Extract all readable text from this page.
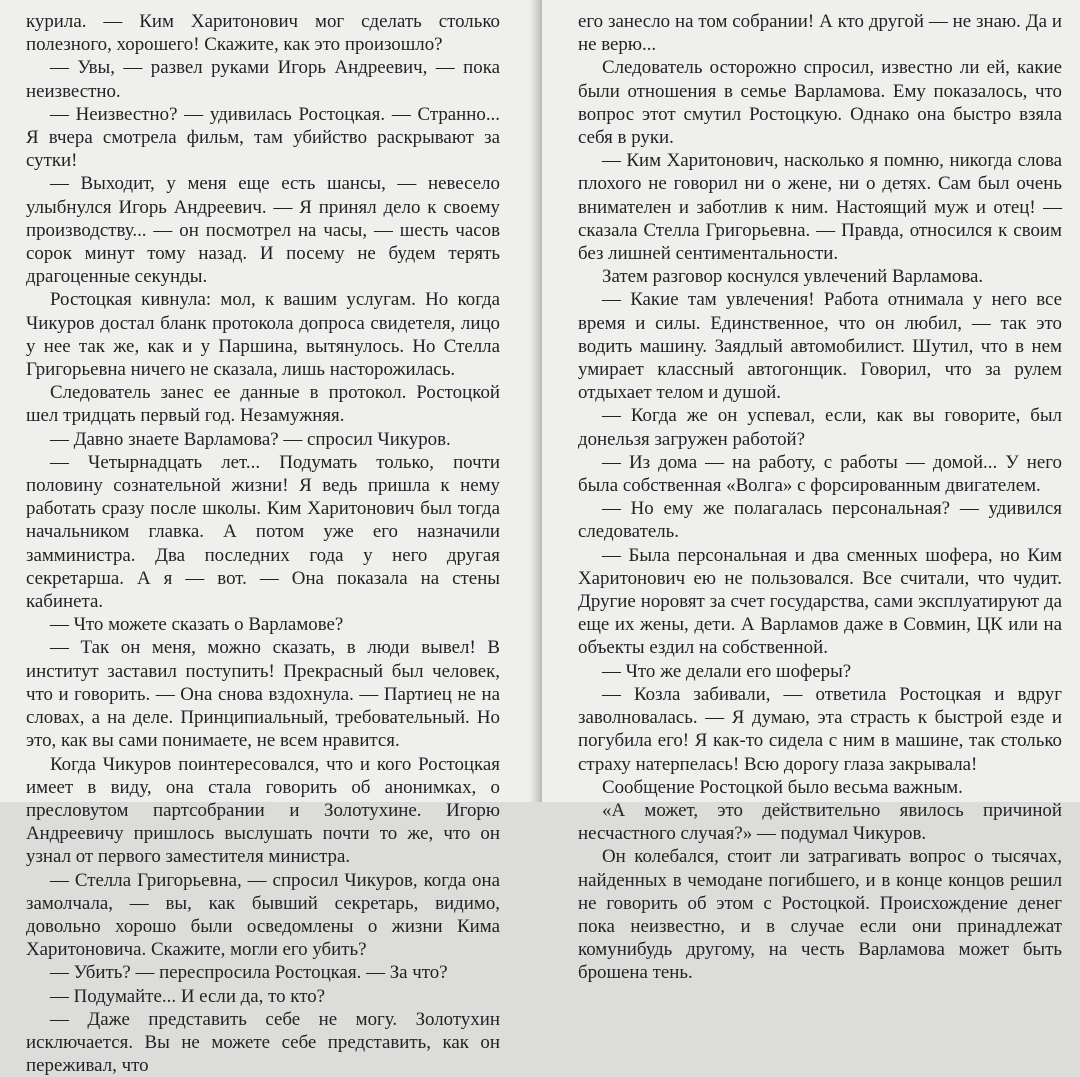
курила. — Ким Харитонович мог сделать столько полезного, хорошего! Скажите, как это произошло?

— Увы, — развел руками Игорь Андреевич, — пока неизвестно.

— Неизвестно? — удивилась Ростоцкая. — Странно... Я вчера смотрела фильм, там убийство раскрывают за сутки!

— Выходит, у меня еще есть шансы, — невесело улыбнулся Игорь Андреевич. — Я принял дело к своему производству... — он посмотрел на часы, — шесть часов сорок минут тому назад. И посему не будем терять драгоценные секунды.

Ростоцкая кивнула: мол, к вашим услугам. Но когда Чикуров достал бланк протокола допроса свидетеля, лицо у нее так же, как и у Паршина, вытянулось. Но Стелла Григорьевна ничего не сказала, лишь насторожилась.

Следователь занес ее данные в протокол. Ростоцкой шел тридцать первый год. Незамужняя.

— Давно знаете Варламова? — спросил Чикуров.

— Четырнадцать лет... Подумать только, почти половину сознательной жизни! Я ведь пришла к нему работать сразу после школы. Ким Харитонович был тогда начальником главка. А потом уже его назначили замминистра. Два последних года у него другая секретарша. А я — вот. — Она показала на стены кабинета.

— Что можете сказать о Варламове?

— Так он меня, можно сказать, в люди вывел! В институт заставил поступить! Прекрасный был человек, что и говорить. — Она снова вздохнула. — Партиец не на словах, а на деле. Принципиальный, требовательный. Но это, как вы сами понимаете, не всем нравится.

Когда Чикуров поинтересовался, что и кого Ростоцкая имеет в виду, она стала говорить об анонимках, о пресловутом партсобрании и Золотухине. Игорю Андреевичу пришлось выслушать почти то же, что он узнал от первого заместителя министра.

— Стелла Григорьевна, — спросил Чикуров, когда она замолчала, — вы, как бывший секретарь, видимо, довольно хорошо были осведомлены о жизни Кима Харитоновича. Скажите, могли его убить?

— Убить? — переспросила Ростоцкая. — За что?

— Подумайте... И если да, то кто?

— Даже представить себе не могу. Золотухин исключается. Вы не можете себе представить, как он переживал, что

его занесло на том собрании! А кто другой — не знаю. Да и не верю...

Следователь осторожно спросил, известно ли ей, какие были отношения в семье Варламова. Ему показалось, что вопрос этот смутил Ростоцкую. Однако она быстро взяла себя в руки.

— Ким Харитонович, насколько я помню, никогда слова плохого не говорил ни о жене, ни о детях. Сам был очень внимателен и заботлив к ним. Настоящий муж и отец! — сказала Стелла Григорьевна. — Правда, относился к своим без лишней сентиментальности.

Затем разговор коснулся увлечений Варламова.

— Какие там увлечения! Работа отнимала у него все время и силы. Единственное, что он любил, — так это водить машину. Заядлый автомобилист. Шутил, что в нем умирает классный автогонщик. Говорил, что за рулем отдыхает телом и душой.

— Когда же он успевал, если, как вы говорите, был донельзя загружен работой?

— Из дома — на работу, с работы — домой... У него была собственная «Волга» с форсированным двигателем.

— Но ему же полагалась персональная? — удивился следователь.

— Была персональная и два сменных шофера, но Ким Харитонович ею не пользовался. Все считали, что чудит. Другие норовят за счет государства, сами эксплуатируют да еще их жены, дети. А Варламов даже в Совмин, ЦК или на объекты ездил на собственной.

— Что же делали его шоферы?

— Козла забивали, — ответила Ростоцкая и вдруг заволновалась. — Я думаю, эта страсть к быстрой езде и погубила его! Я как-то сидела с ним в машине, так столько страху натерпелась! Всю дорогу глаза закрывала!

Сообщение Ростоцкой было весьма важным.

«А может, это действительно явилось причиной несчастного случая?» — подумал Чикуров.

Он колебался, стоит ли затрагивать вопрос о тысячах, найденных в чемодане погибшего, и в конце концов решил не говорить об этом с Ростоцкой. Происхождение денег пока неизвестно, и в случае если они принадлежат комунибудь другому, на честь Варламова может быть брошена тень.
